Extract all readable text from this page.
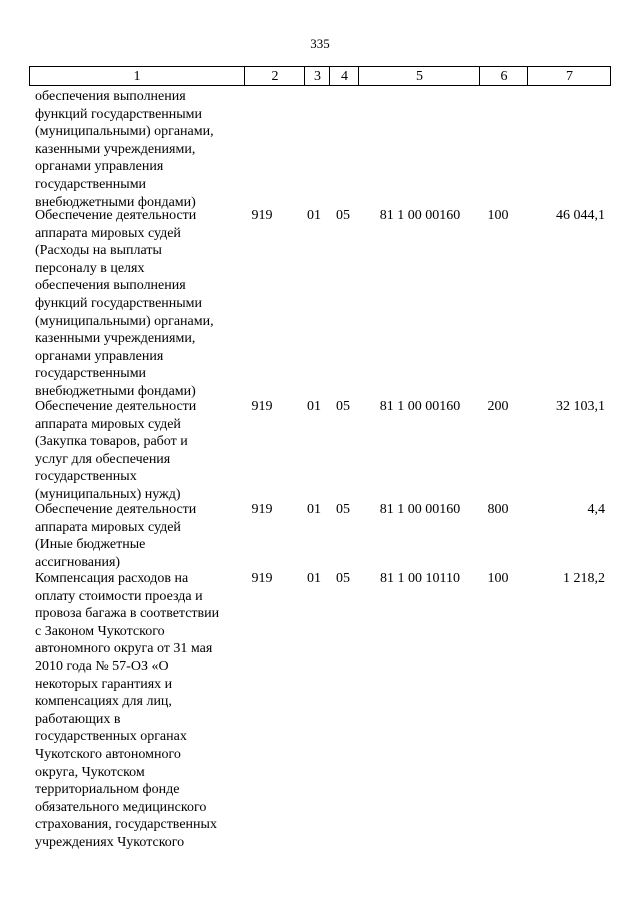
335
1	2	3	4	5	6	7
обеспечения выполнения
функций государственными
(муниципальными) органами,
казенными учреждениями,
органами управления
государственными
внебюджетными фондами)
Обеспечение деятельности
аппарата мировых судей
(Расходы на выплаты
персоналу в целях
обеспечения выполнения
функций государственными
(муниципальными) органами,
казенными учреждениями,
органами управления
государственными
внебюджетными фондами)
919	01	05	81 1 00 00160	100	46 044,1
Обеспечение деятельности
аппарата мировых судей
(Закупка товаров, работ и
услуг для обеспечения
государственных
(муниципальных) нужд)
919	01	05	81 1 00 00160	200	32 103,1
Обеспечение деятельности
аппарата мировых судей
(Иные бюджетные
ассигнования)
919	01	05	81 1 00 00160	800	4,4
Компенсация расходов на
оплату стоимости проезда и
провоза багажа в соответствии
с Законом Чукотского
автономного округа от 31 мая
2010 года № 57-ОЗ «О
некоторых гарантиях и
компенсациях для лиц,
работающих в
государственных органах
Чукотского автономного
округа, Чукотском
территориальном фонде
обязательного медицинского
страхования, государственных
учреждениях Чукотского
919	01	05	81 1 00 10110	100	1 218,2
